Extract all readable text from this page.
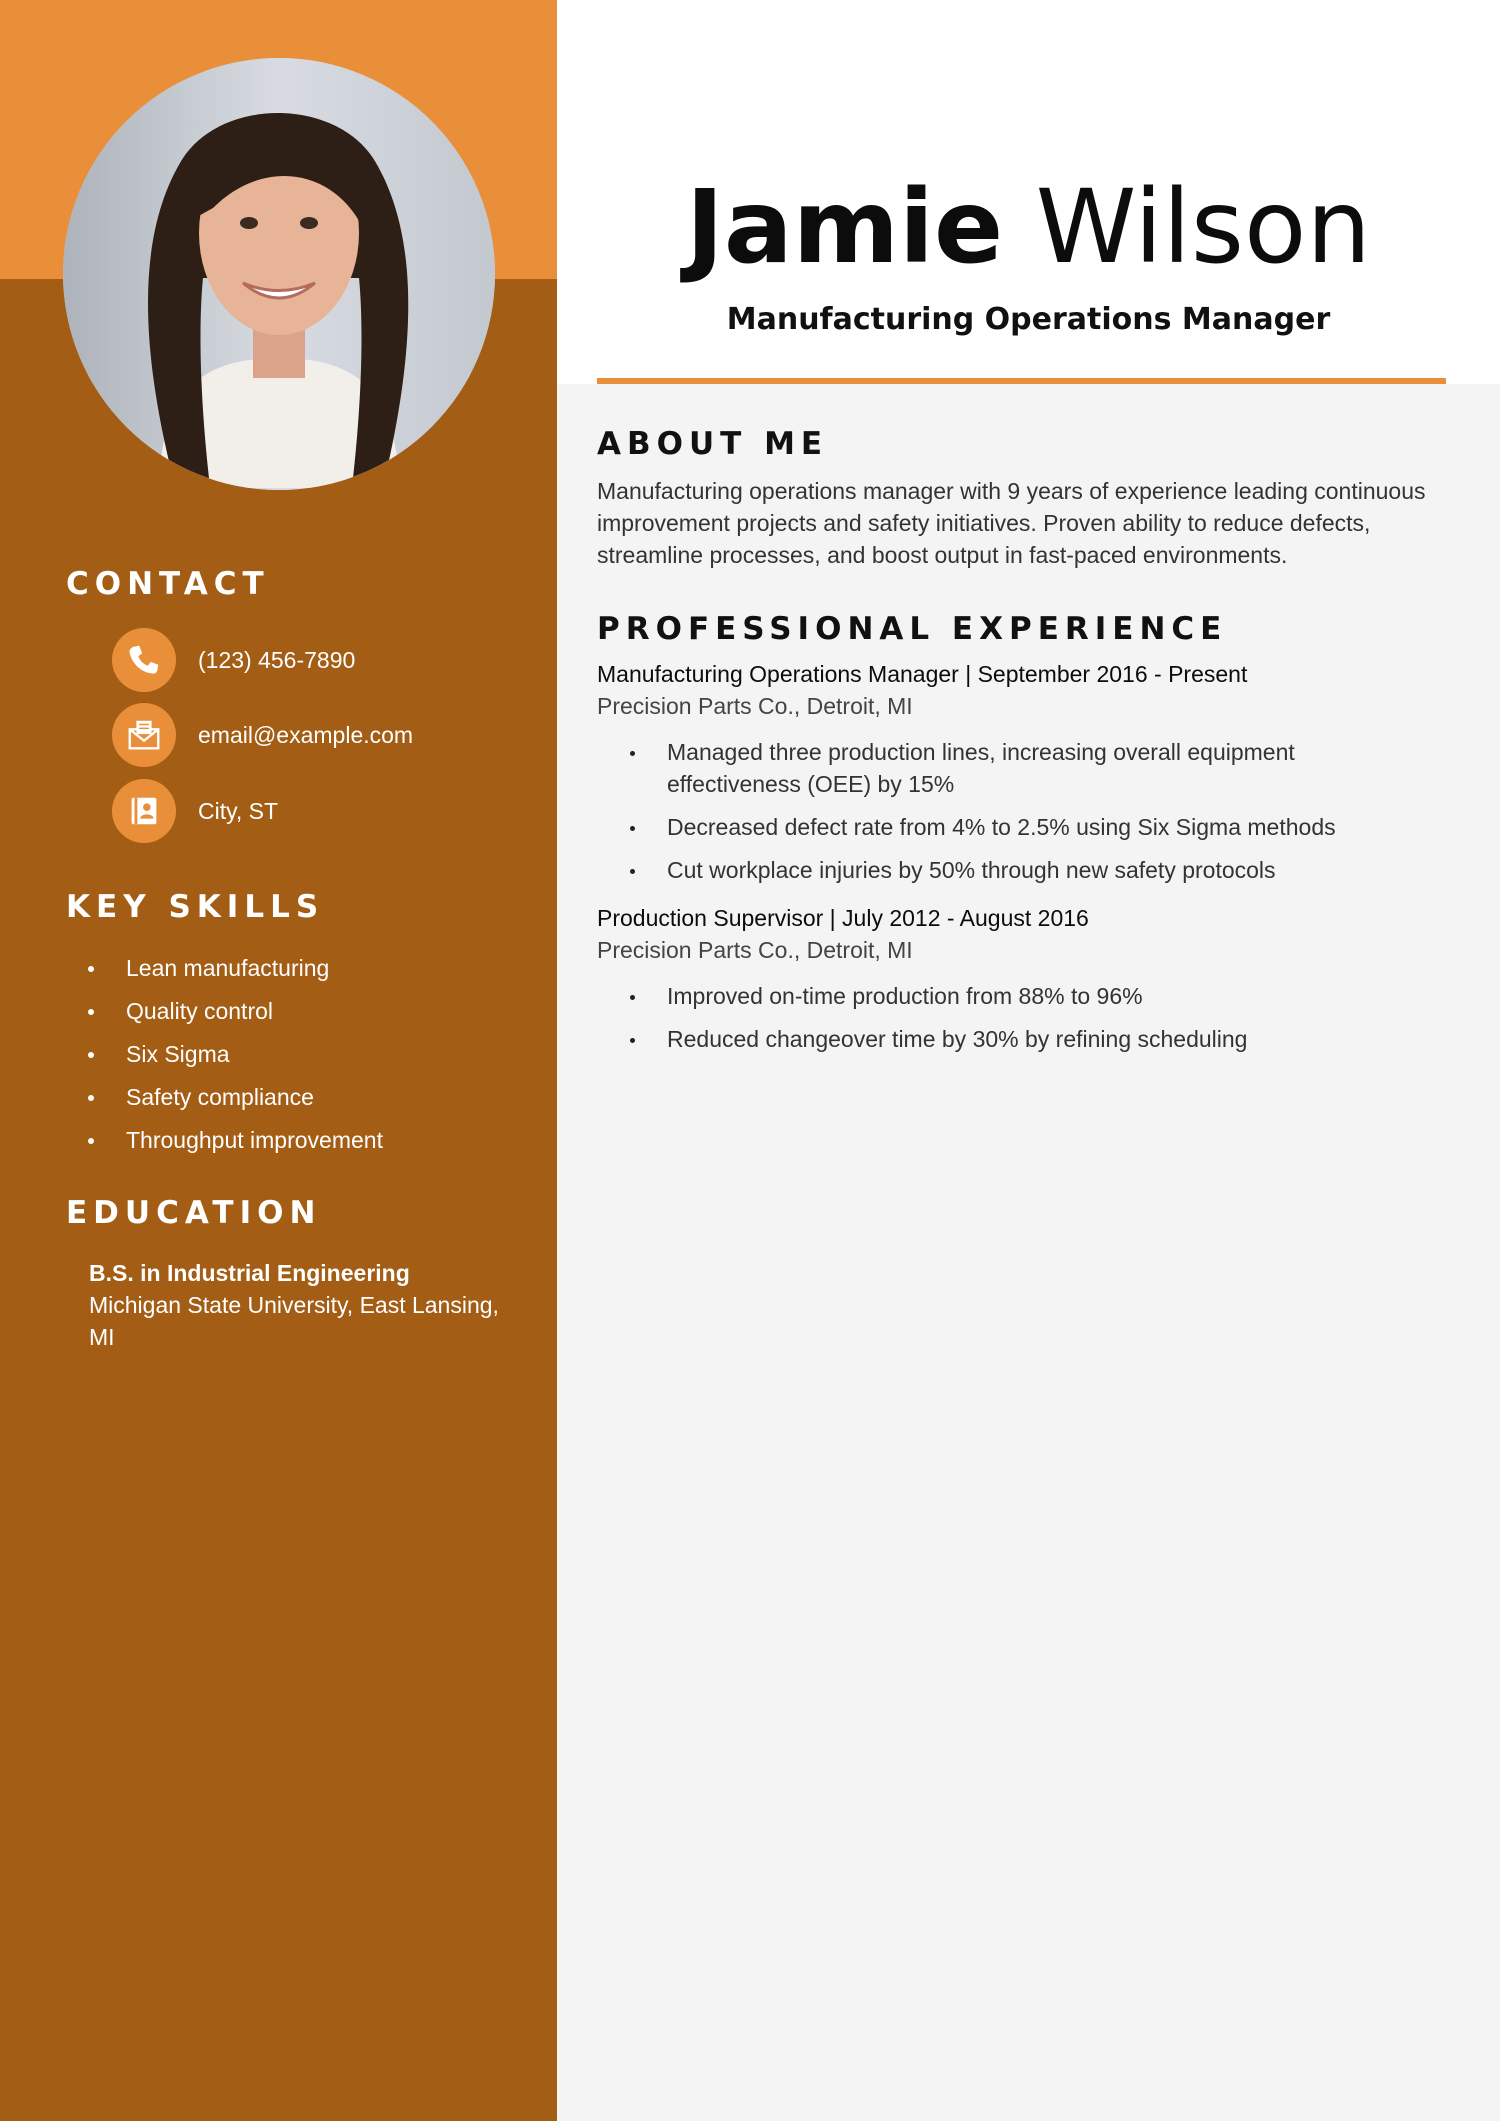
CONTACT
(123) 456-7890
email@example.com
City, ST
KEY SKILLS
Lean manufacturing
Quality control
Six Sigma
Safety compliance
Throughput improvement
EDUCATION
B.S. in Industrial Engineering
Michigan State University, East Lansing, MI
Jamie Wilson
Manufacturing Operations Manager
ABOUT ME

Manufacturing operations manager with 9 years of experience leading continuous improvement projects and safety initiatives. Proven ability to reduce defects, streamline processes, and boost output in fast-paced environments.

PROFESSIONAL EXPERIENCE
Manufacturing Operations Manager | September 2016 - Present
Precision Parts Co., Detroit, MI
Managed three production lines, increasing overall equipment effectiveness (OEE) by 15%
Decreased defect rate from 4% to 2.5% using Six Sigma methods
Cut workplace injuries by 50% through new safety protocols
Production Supervisor | July 2012 - August 2016
Precision Parts Co., Detroit, MI
Improved on-time production from 88% to 96%
Reduced changeover time by 30% by refining scheduling
